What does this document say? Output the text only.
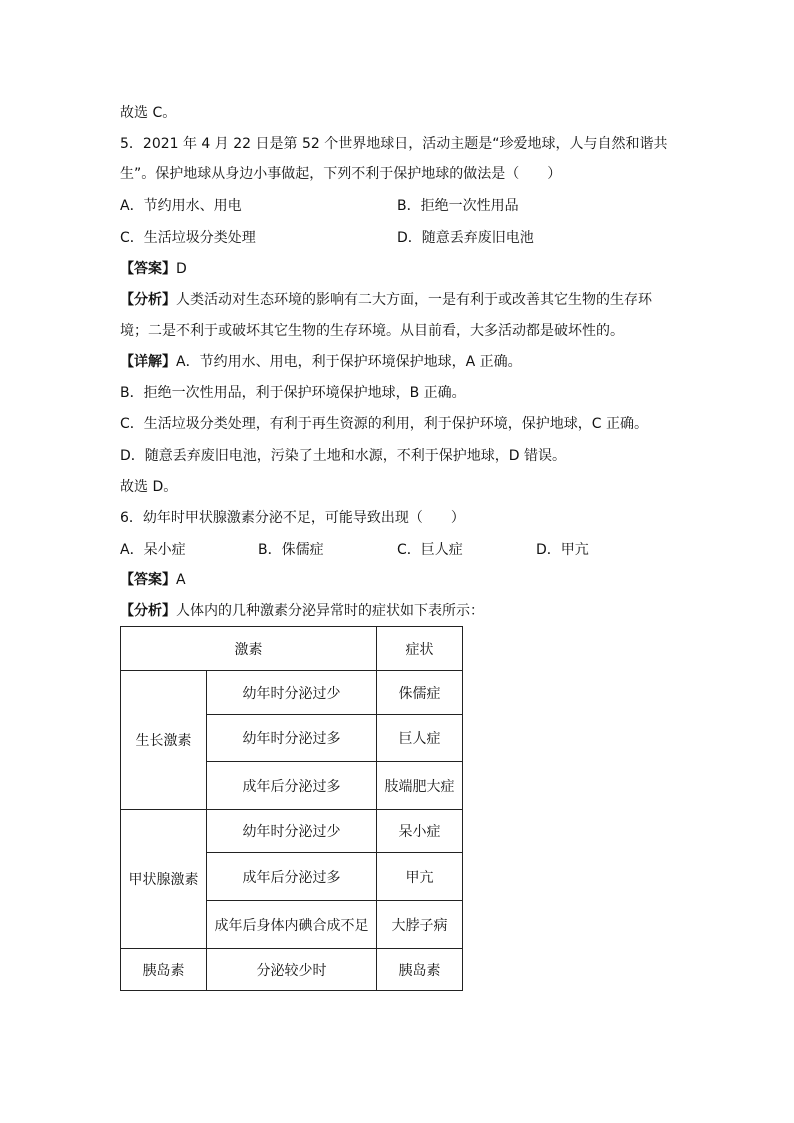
故选 C。
5．2021 年 4 月 22 日是第 52 个世界地球日，活动主题是“珍爱地球，人与自然和谐共
生”。保护地球从身边小事做起，下列不利于保护地球的做法是（　　）
A．节约用水、用电	B．拒绝一次性用品
C．生活垃圾分类处理	D．随意丢弃废旧电池
【答案】D
【分析】人类活动对生态环境的影响有二大方面，一是有利于或改善其它生物的生存环
境；二是不利于或破坏其它生物的生存环境。从目前看，大多活动都是破坏性的。
【详解】A．节约用水、用电，利于保护环境保护地球，A 正确。
B．拒绝一次性用品，利于保护环境保护地球，B 正确。
C．生活垃圾分类处理，有利于再生资源的利用，利于保护环境，保护地球，C 正确。
D．随意丢弃废旧电池，污染了土地和水源，不利于保护地球，D 错误。
故选 D。
6．幼年时甲状腺激素分泌不足，可能导致出现（　　）
A．呆小症	B．侏儒症	C．巨人症	D．甲亢
【答案】A
【分析】人体内的几种激素分泌异常时的症状如下表所示：
激素		症状
生长激素	幼年时分泌过少	侏儒症
	幼年时分泌过多	巨人症
	成年后分泌过多	肢端肥大症
甲状腺激素	幼年时分泌过少	呆小症
	成年后分泌过多	甲亢
	成年后身体内碘合成不足	大脖子病
胰岛素	分泌较少时	胰岛素
